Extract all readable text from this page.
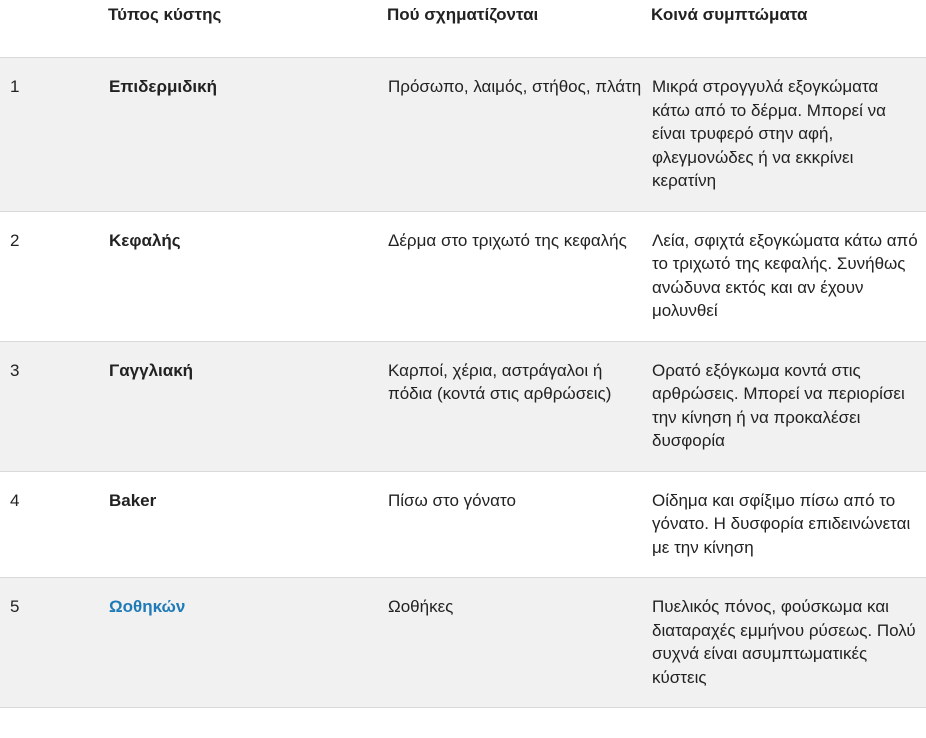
	Τύπος κύστης	Πού σχηματίζονται	Κοινά συμπτώματα
1	Επιδερμιδική	Πρόσωπο, λαιμός, στήθος, πλάτη	Μικρά στρογγυλά εξογκώματα κάτω από το δέρμα. Μπορεί να είναι τρυφερό στην αφή, φλεγμονώδες ή να εκκρίνει κερατίνη
2	Κεφαλής	Δέρμα στο τριχωτό της κεφαλής	Λεία, σφιχτά εξογκώματα κάτω από το τριχωτό της κεφαλής. Συνήθως ανώδυνα εκτός και αν έχουν μολυνθεί
3	Γαγγλιακή	Καρποί, χέρια, αστράγαλοι ή πόδια (κοντά στις αρθρώσεις)	Ορατό εξόγκωμα κοντά στις αρθρώσεις. Μπορεί να περιορίσει την κίνηση ή να προκαλέσει δυσφορία
4	Baker	Πίσω στο γόνατο	Οίδημα και σφίξιμο πίσω από το γόνατο. Η δυσφορία επιδεινώνεται με την κίνηση
5	Ωοθηκών	Ωοθήκες	Πυελικός πόνος, φούσκωμα και διαταραχές εμμήνου ρύσεως. Πολύ συχνά είναι ασυμπτωματικές κύστεις
